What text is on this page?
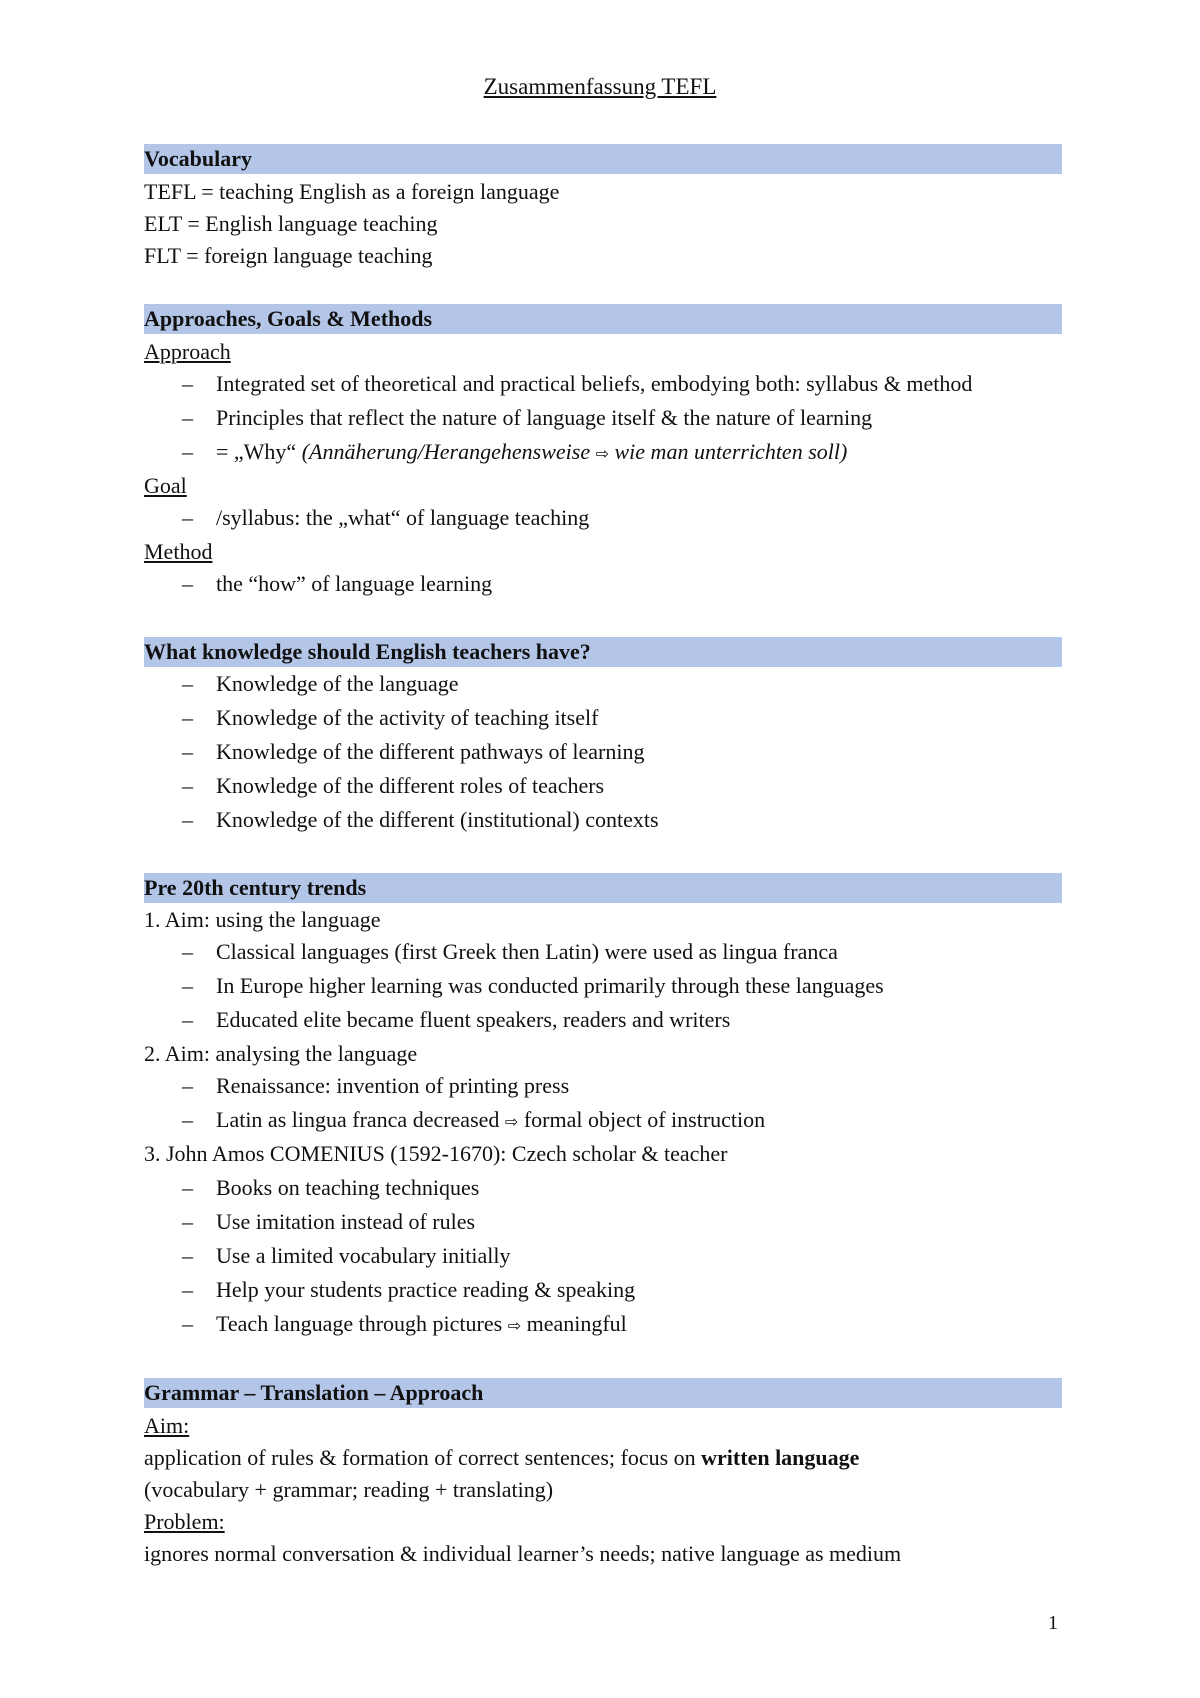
Zusammenfassung TEFL
Vocabulary
TEFL = teaching English as a foreign language
ELT = English language teaching
FLT = foreign language teaching
Approaches, Goals & Methods
Approach
– Integrated set of theoretical and practical beliefs, embodying both: syllabus & method
– Principles that reflect the nature of language itself & the nature of learning
– = „Why“ (Annäherung/Herangehensweise ⇨ wie man unterrichten soll)
Goal
– /syllabus: the „what“ of language teaching
Method
– the “how” of language learning
What knowledge should English teachers have?
– Knowledge of the language
– Knowledge of the activity of teaching itself
– Knowledge of the different pathways of learning
– Knowledge of the different roles of teachers
– Knowledge of the different (institutional) contexts
Pre 20th century trends
1. Aim: using the language
– Classical languages (first Greek then Latin) were used as lingua franca
– In Europe higher learning was conducted primarily through these languages
– Educated elite became fluent speakers, readers and writers
2. Aim: analysing the language
– Renaissance: invention of printing press
– Latin as lingua franca decreased ⇨ formal object of instruction
3. John Amos COMENIUS (1592-1670): Czech scholar & teacher
– Books on teaching techniques
– Use imitation instead of rules
– Use a limited vocabulary initially
– Help your students practice reading & speaking
– Teach language through pictures ⇨ meaningful
Grammar – Translation – Approach
Aim:
application of rules & formation of correct sentences; focus on written language
(vocabulary + grammar; reading + translating)
Problem:
ignores normal conversation & individual learner’s needs; native language as medium
1
